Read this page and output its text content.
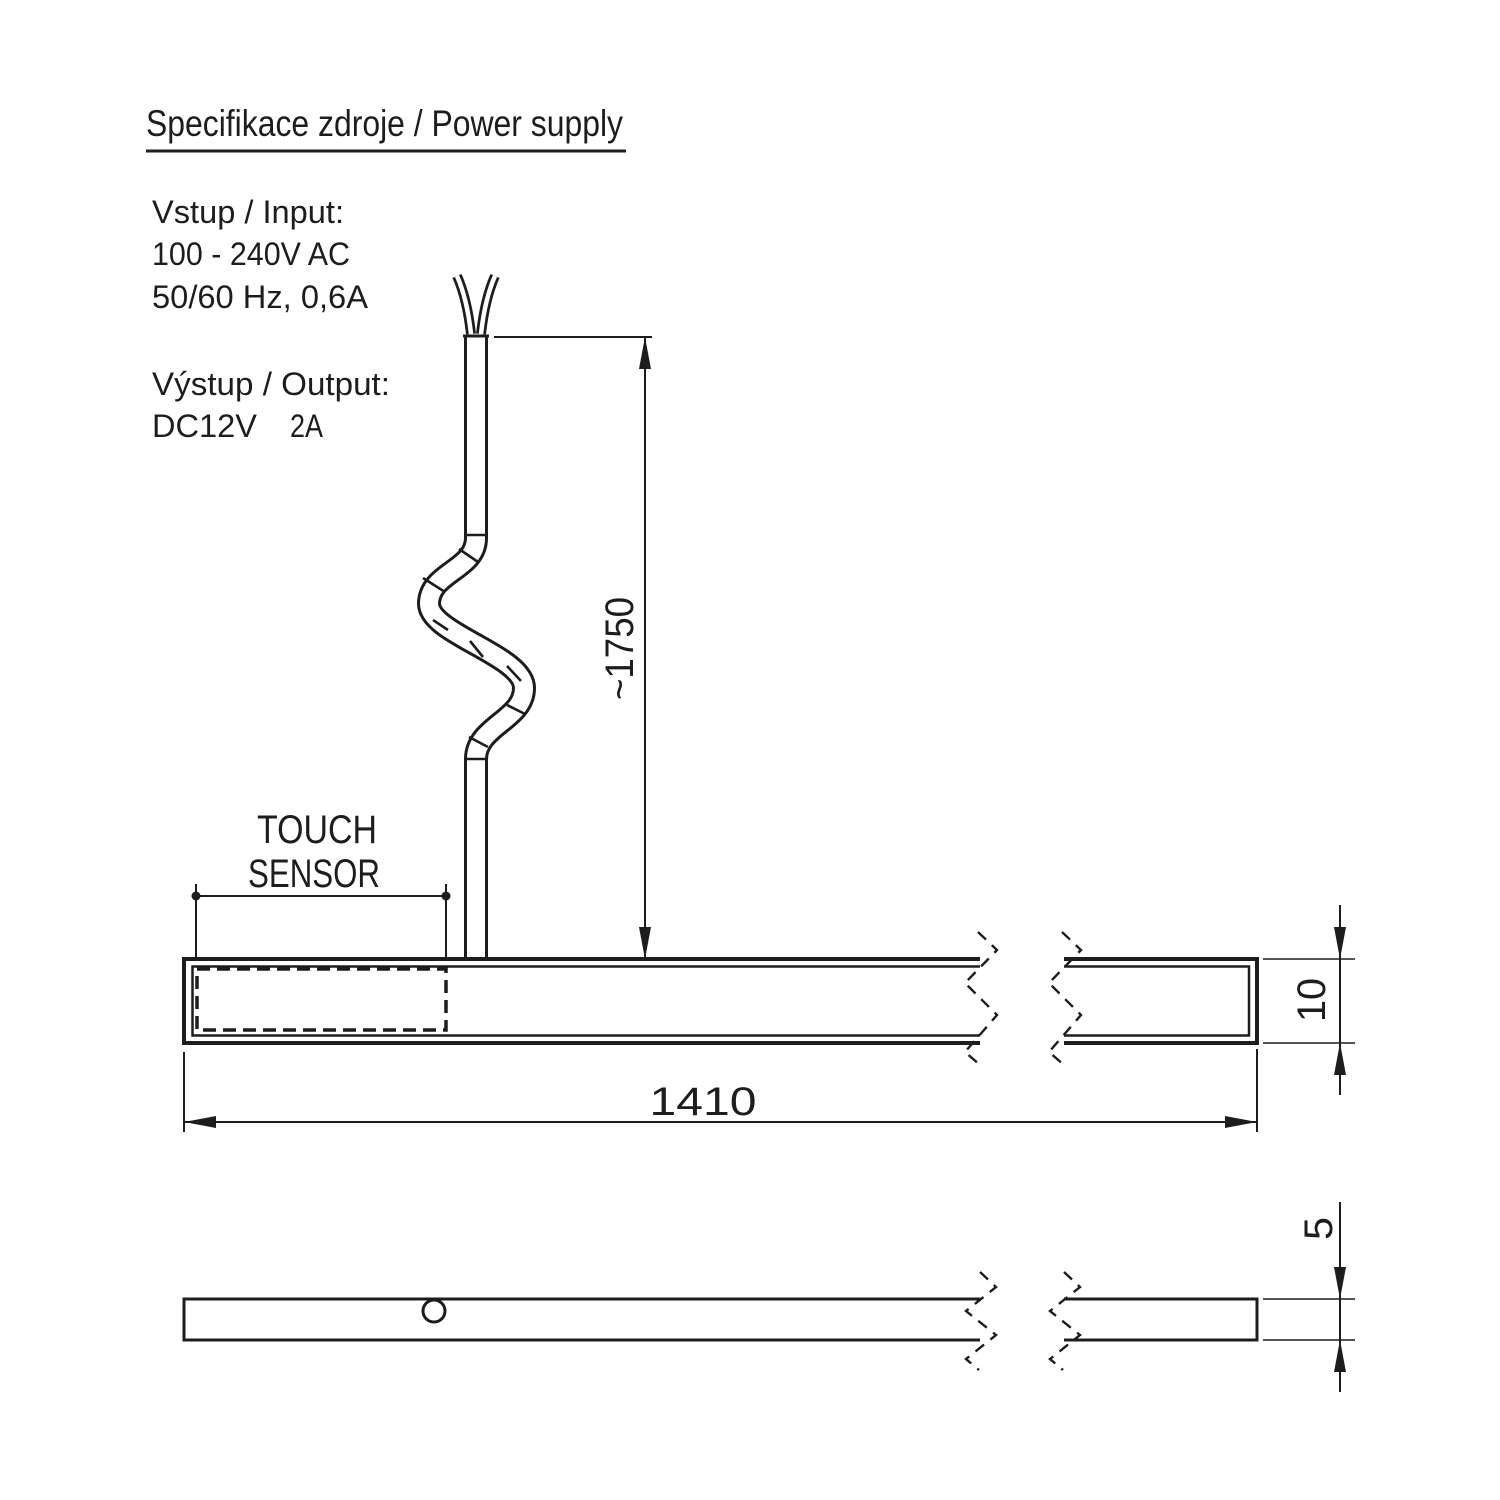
Specifikace zdroje / Power supply
Vstup / Input:
100 - 240V AC
50/60 Hz, 0,6A
Výstup / Output:
DC12V 2A
~1750
TOUCH
SENSOR
1410
10
5
